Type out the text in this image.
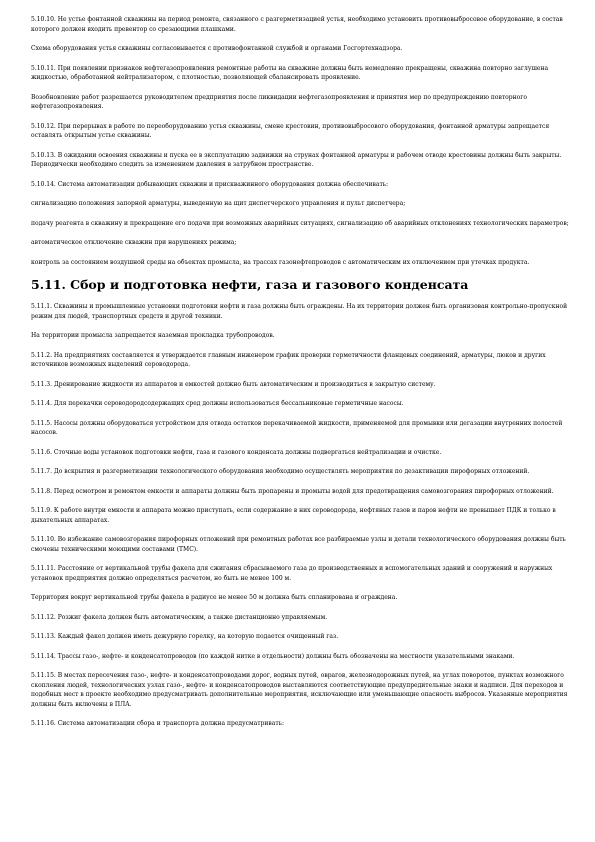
5.10.10. Не устье фонтанной скважины на период ремонта, связанного с разгерметизацией устья, необходимо установить противовыбросовое оборудование, в состав которого должен входить превентор со срезающими плашками.

Схема оборудования устья скважины согласовывается с противофонтанной службой и органами Госгортехнадзора.

5.10.11. При появлении признаков нефтегазопроявления ремонтные работы на скважине должны быть немедленно прекращены, скважина повторно заглушена жидкостью, обработанной нейтрализатором, с плотностью, позволяющей сбалансировать проявление.

Возобновление работ разрешается руководителем предприятия после ликвидации нефтегазопроявления и принятия мер по предупреждению повторного нефтегазопроявления.

5.10.12. При перерывах в работе по переоборудованию устья скважины, смене крестовин, противовыбросового оборудования, фонтанной арматуры запрещается оставлять открытым устье скважины.

5.10.13. В ожидании освоения скважины и пуска ее в эксплуатацию задвижки на струнах фонтанной арматуры и рабочем отводе крестовины должны быть закрыты. Периодически необходимо следить за изменением давления в затрубном пространстве.

5.10.14. Система автоматизации добывающих скважин и прискважинного оборудования должна обеспечивать:

сигнализацию положения запорной арматуры, выведенную на щит диспетчерского управления и пульт диспетчера;

подачу реагента в скважину и прекращение его подачи при возможных аварийных ситуациях, сигнализацию об аварийных отклонениях технологических параметров;

автоматическое отключение скважин при нарушениях режима;

контроль за состоянием воздушной среды на объектах промысла, на трассах газонефтепроводов с автоматическим их отключением при утечках продукта.

5.11. Сбор и подготовка нефти, газа и газового конденсата

5.11.1. Скважины и промышленные установки подготовки нефти и газа должны быть ограждены. На их территории должен быть организован контрольно-пропускной режим для людей, транспортных средств и другой техники.

На территории промысла запрещается наземная прокладка трубопроводов.

5.11.2. На предприятиях составляется и утверждается главным инженером график проверки герметичности фланцевых соединений, арматуры, люков и других источников возможных выделений сероводорода.

5.11.3. Дренирование жидкости из аппаратов и емкостей должно быть автоматическим и производиться в закрытую систему.

5.11.4. Для перекачки сероводородсодержащих сред должны использоваться бессальниковые герметичные насосы.

5.11.5. Насосы должны оборудоваться устройством для отвода остатков перекачиваемой жидкости, применяемой для промывки или дегазации внутренних полостей насосов.

5.11.6. Сточные воды установок подготовки нефти, газа и газового конденсата должны подвергаться нейтрализации и очистке.

5.11.7. До вскрытия и разгерметизации технологического оборудования необходимо осуществлять мероприятия по дезактивации пирофорных отложений.

5.11.8. Перед осмотром и ремонтом емкости и аппараты должны быть пропарены и промыты водой для предотвращения самовозгорания пирофорных отложений.

5.11.9. К работе внутри емкости и аппарата можно приступать, если содержание в них сероводорода, нефтяных газов и паров нефти не превышает ПДК и только в дыхательных аппаратах.

5.11.10. Во избежание самовозгорания пирофорных отложений при ремонтных работах все разбираемые узлы и детали технологического оборудования должны быть смочены техническими моющими составами (ТМС).

5.11.11. Расстояние от вертикальной трубы факела для сжигания сбрасываемого газа до производственных и вспомогательных зданий и сооружений и наружных установок предприятия должно определяться расчетом, но быть не менее 100 м.

Территория вокруг вертикальной трубы факела в радиусе не менее 50 м должна быть спланирована и ограждена.

5.11.12. Розжиг факела должен быть автоматическим, а также дистанционно управляемым.

5.11.13. Каждый факел должен иметь дежурную горелку, на которую подается очищенный газ.

5.11.14. Трассы газо-, нефте- и конденсатопроводов (по каждой нитке в отдельности) должны быть обозначены на местности указательными знаками.

5.11.15. В местах пересечения газо-, нефте- и конденсатопроводами дорог, водных путей, оврагов, железнодорожных путей, на углах поворотов, пунктах возможного скопления людей, технологических узлах газо-, нефте- и конденсатопроводов выставляются соответствующие предупредительные знаки и надписи. Для переходов и подобных мест в проекте необходимо предусматривать дополнительные мероприятия, исключающие или уменьшающие опасность выбросов. Указанные мероприятия должны быть включены в ПЛА.

5.11.16. Система автоматизации сбора и транспорта должна предусматривать:
